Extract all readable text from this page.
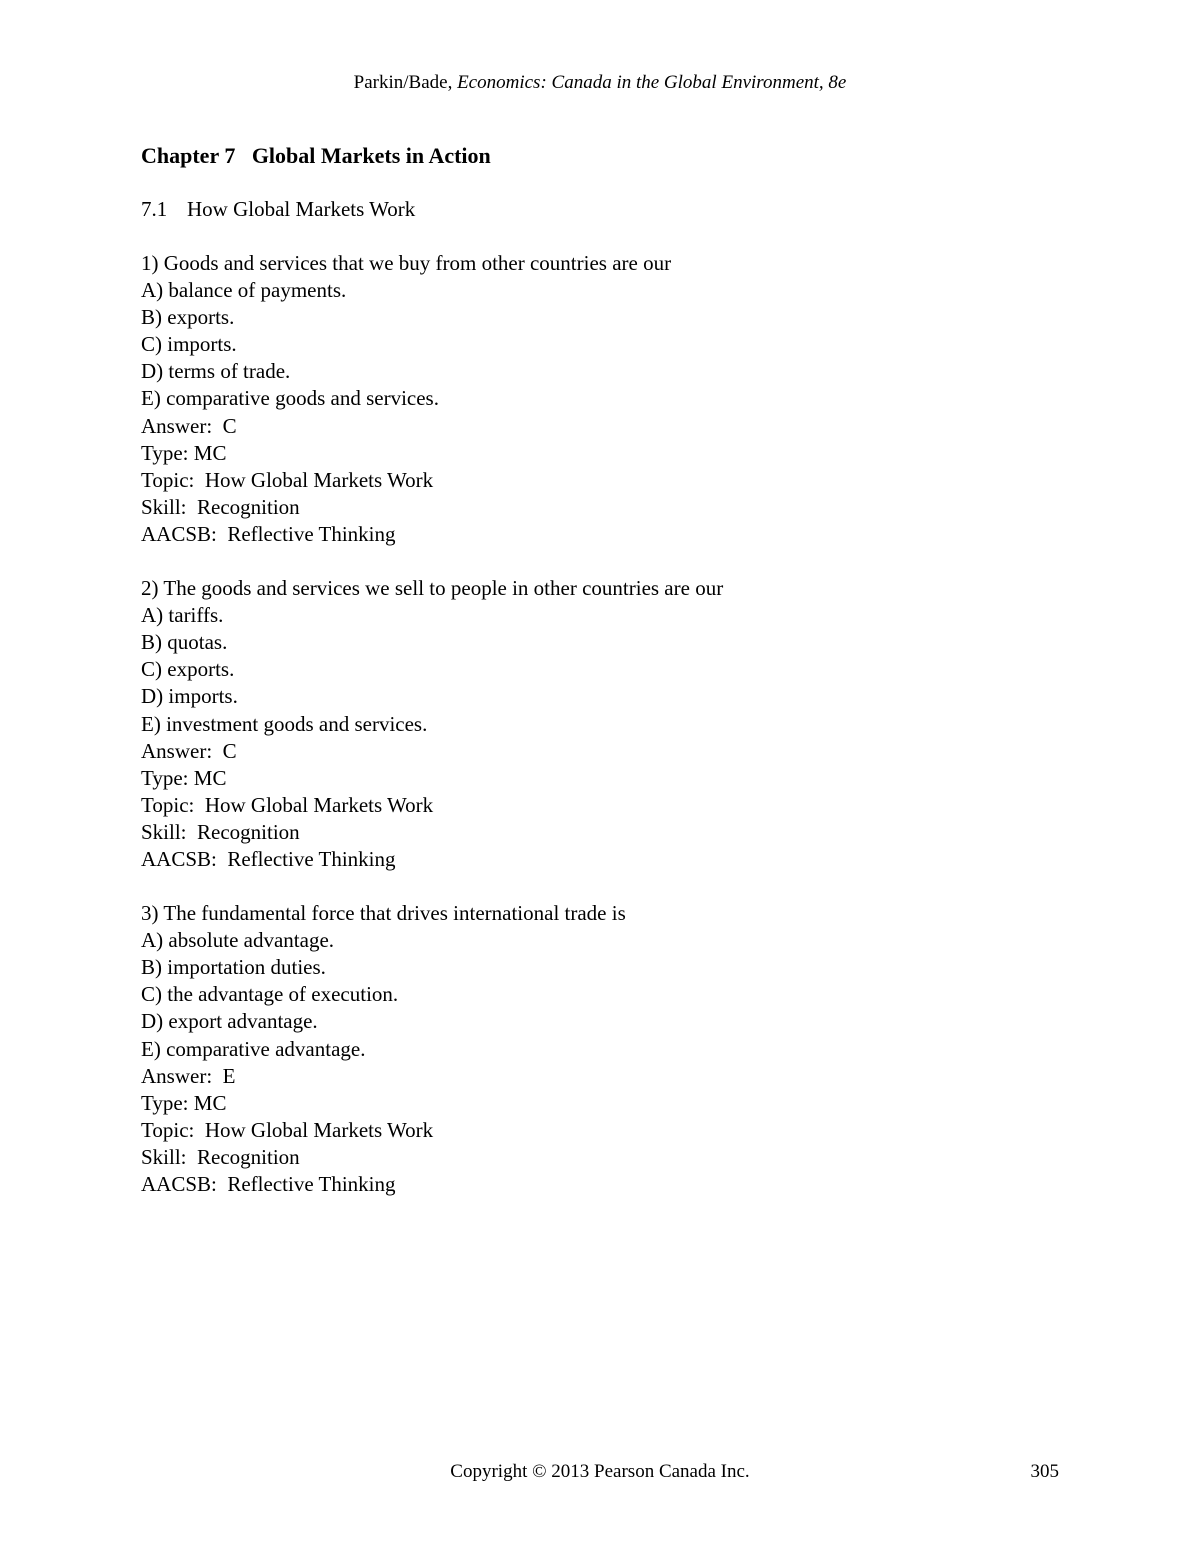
Parkin/Bade, Economics: Canada in the Global Environment, 8e
Chapter 7   Global Markets in Action
7.1 How Global Markets Work
1) Goods and services that we buy from other countries are our
A) balance of payments.
B) exports.
C) imports.
D) terms of trade.
E) comparative goods and services.
Answer:  C
Type: MC
Topic:  How Global Markets Work
Skill:  Recognition
AACSB:  Reflective Thinking
2) The goods and services we sell to people in other countries are our
A) tariffs.
B) quotas.
C) exports.
D) imports.
E) investment goods and services.
Answer:  C
Type: MC
Topic:  How Global Markets Work
Skill:  Recognition
AACSB:  Reflective Thinking
3) The fundamental force that drives international trade is
A) absolute advantage.
B) importation duties.
C) the advantage of execution.
D) export advantage.
E) comparative advantage.
Answer:  E
Type: MC
Topic:  How Global Markets Work
Skill:  Recognition
AACSB:  Reflective Thinking
Copyright © 2013 Pearson Canada Inc.	305
